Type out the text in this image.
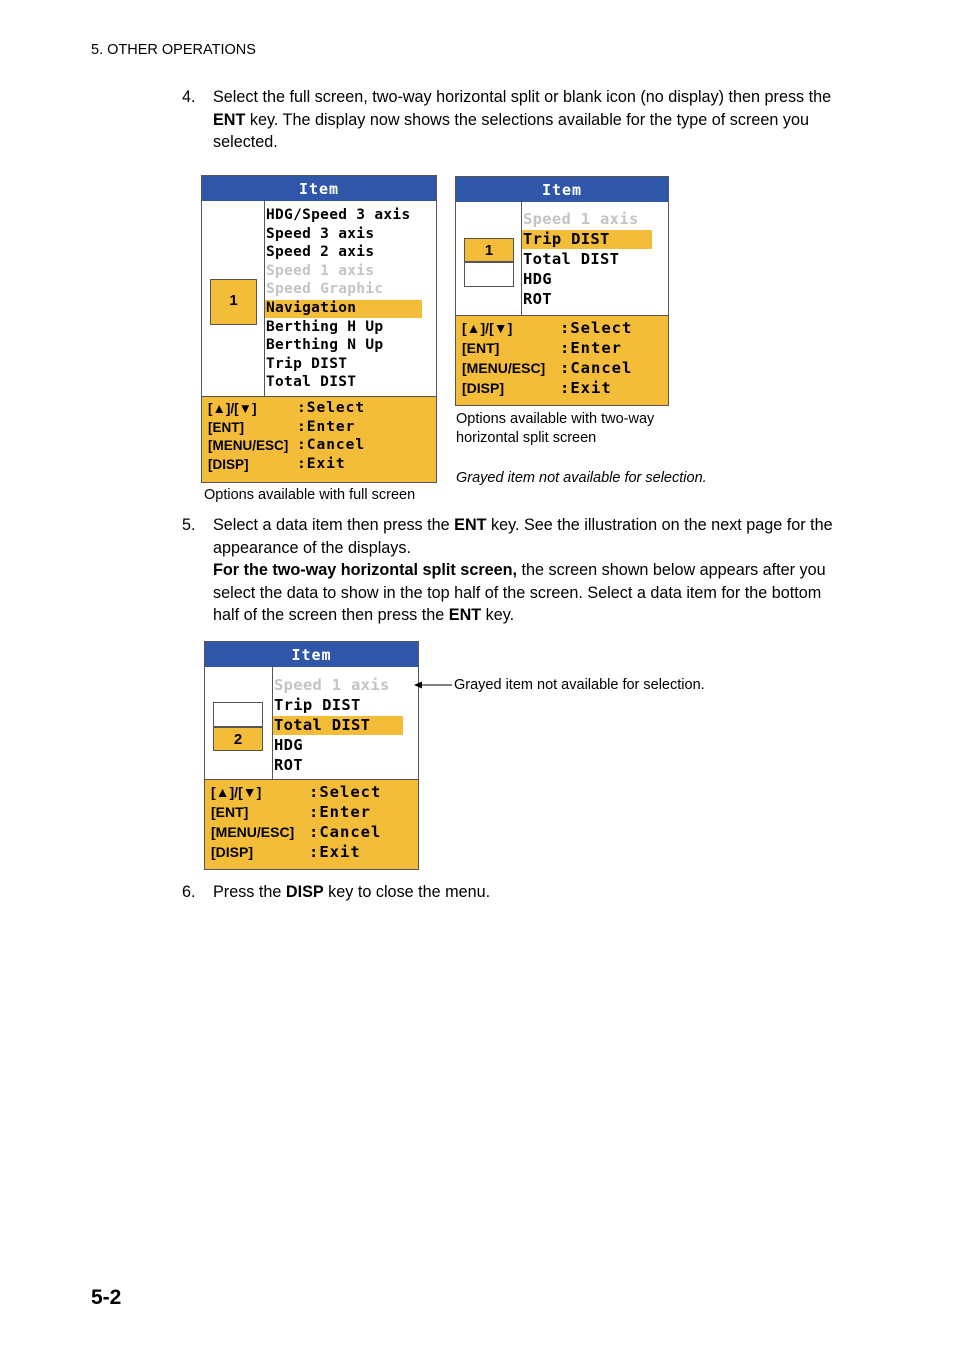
5. OTHER OPERATIONS
4. Select the full screen, two-way horizontal split or blank icon (no display) then press the ENT key. The display now shows the selections available for the type of screen you selected.

Item
1
HDG/Speed 3 axis
Speed 3 axis
Speed 2 axis
Speed 1 axis
Speed Graphic
Navigation
Berthing H Up
Berthing N Up
Trip DIST
Total DIST
[▲]/[▼]	:Select
[ENT]	:Enter
[MENU/ESC] :Cancel
[DISP]	:Exit
Options available with full screen
Item
1
Speed 1 axis
Trip DIST
Total DIST
HDG
ROT
[▲]/[▼]	:Select
[ENT]	:Enter
[MENU/ESC] :Cancel
[DISP]	:Exit
Options available with two-way
horizontal split screen
Grayed item not available for selection.
5. Select a data item then press the ENT key. See the illustration on the next page for the appearance of the displays.

For the two-way horizontal split screen, the screen shown below appears after you select the data to show in the top half of the screen. Select a data item for the bottom half of the screen then press the ENT key.

Item
2
Speed 1 axis
Trip DIST
Total DIST
HDG
ROT
[▲]/[▼]	:Select
[ENT]	:Enter
[MENU/ESC] :Cancel
[DISP]	:Exit
Grayed item not available for selection.
6. Press the DISP key to close the menu.

5-2
